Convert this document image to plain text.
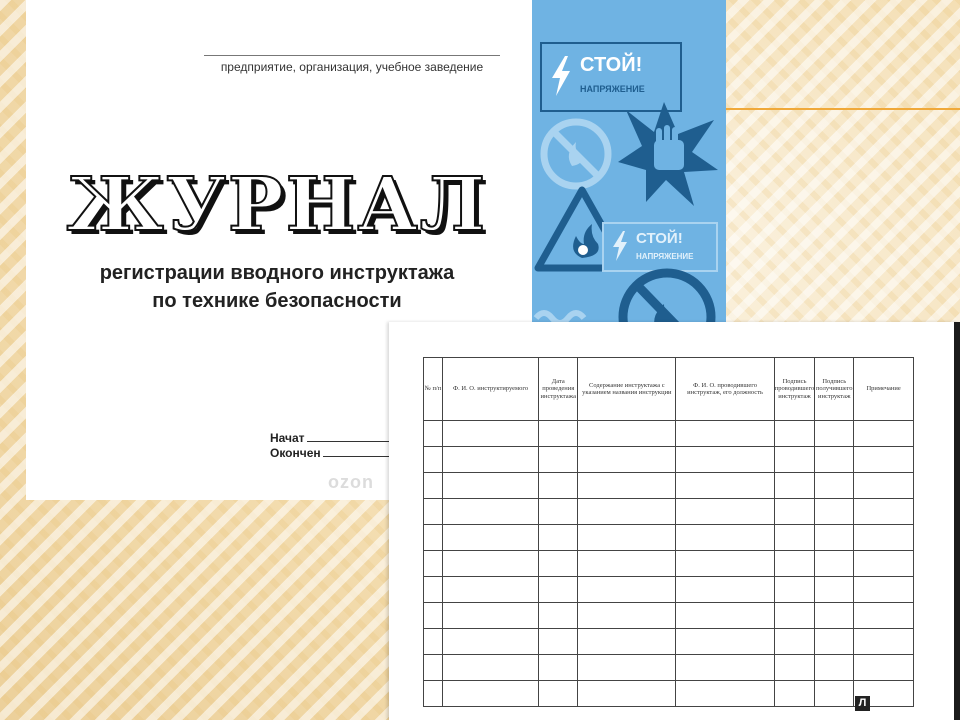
предприятие, организация, учебное заведение
ЖУРНАЛ
регистрации вводного инструктажа
по технике безопасности
Начат
Окончен
ozon
СТОЙ!
НАПРЯЖЕНИЕ
СТОЙ!
НАПРЯЖЕНИЕ
№ п/п	Ф. И. О. инструктируемого	Дата проведения инструктажа	Содержание инструктажа с указанием названия инструкции	Ф. И. О. проводившего инструктаж, его должность	Подпись проводившего инструктаж	Подпись получившего инструктаж	Примечание

Л
